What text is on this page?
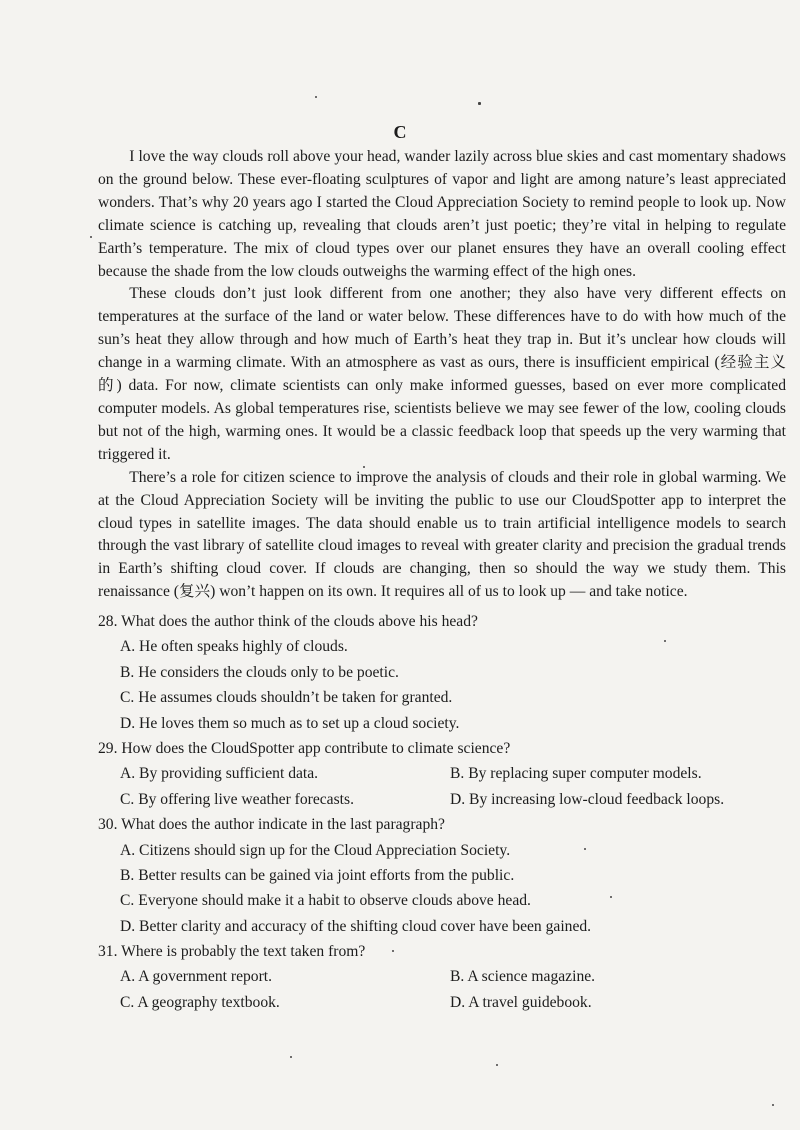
C

I love the way clouds roll above your head, wander lazily across blue skies and cast momentary shadows on the ground below. These ever-floating sculptures of vapor and light are among nature’s least appreciated wonders. That’s why 20 years ago I started the Cloud Appreciation Society to remind people to look up. Now climate science is catching up, revealing that clouds aren’t just poetic; they’re vital in helping to regulate Earth’s temperature. The mix of cloud types over our planet ensures they have an overall cooling effect because the shade from the low clouds outweighs the warming effect of the high ones.

These clouds don’t just look different from one another; they also have very different effects on temperatures at the surface of the land or water below. These differences have to do with how much of the sun’s heat they allow through and how much of Earth’s heat they trap in. But it’s unclear how clouds will change in a warming climate. With an atmosphere as vast as ours, there is insufficient empirical (经验主义的) data. For now, climate scientists can only make informed guesses, based on ever more complicated computer models. As global temperatures rise, scientists believe we may see fewer of the low, cooling clouds but not of the high, warming ones. It would be a classic feedback loop that speeds up the very warming that triggered it.

There’s a role for citizen science to improve the analysis of clouds and their role in global warming. We at the Cloud Appreciation Society will be inviting the public to use our CloudSpotter app to interpret the cloud types in satellite images. The data should enable us to train artificial intelligence models to search through the vast library of satellite cloud images to reveal with greater clarity and precision the gradual trends in Earth’s shifting cloud cover. If clouds are changing, then so should the way we study them. This renaissance (复兴) won’t happen on its own. It requires all of us to look up — and take notice.

28. What does the author think of the clouds above his head?
A. He often speaks highly of clouds.
B. He considers the clouds only to be poetic.
C. He assumes clouds shouldn’t be taken for granted.
D. He loves them so much as to set up a cloud society.
29. How does the CloudSpotter app contribute to climate science?
A. By providing sufficient data.	B. By replacing super computer models.
C. By offering live weather forecasts.	D. By increasing low-cloud feedback loops.
30. What does the author indicate in the last paragraph?
A. Citizens should sign up for the Cloud Appreciation Society.
B. Better results can be gained via joint efforts from the public.
C. Everyone should make it a habit to observe clouds above head.
D. Better clarity and accuracy of the shifting cloud cover have been gained.
31. Where is probably the text taken from?
A. A government report.	B. A science magazine.
C. A geography textbook.	D. A travel guidebook.
